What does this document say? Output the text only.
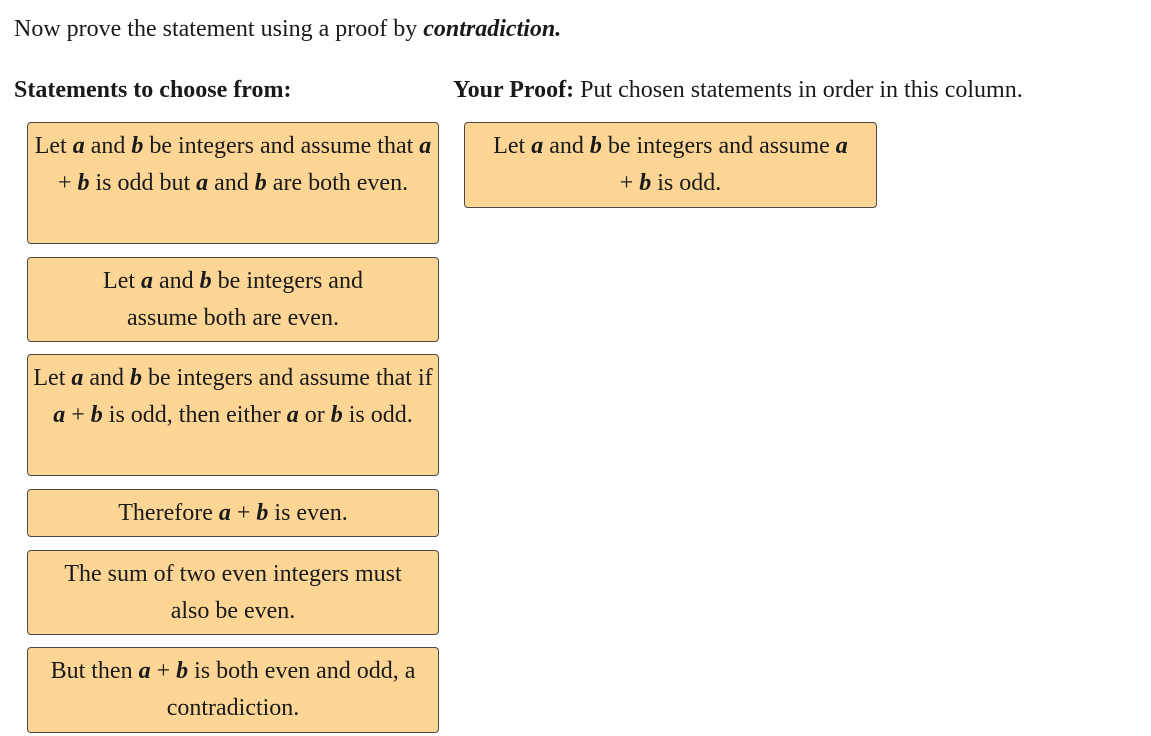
Now prove the statement using a proof by contradiction.
Statements to choose from:	Your Proof: Put chosen statements in order in this column.
Let a and b be integers and assume that a + b is odd but a and b are both even.
Let a and b be integers and assume both are even.
Let a and b be integers and assume that if a + b is odd, then either a or b is odd.
Therefore a + b is even.
The sum of two even integers must also be even.
But then a + b is both even and odd, a contradiction.
Let a and b be integers and assume a + b is odd.
